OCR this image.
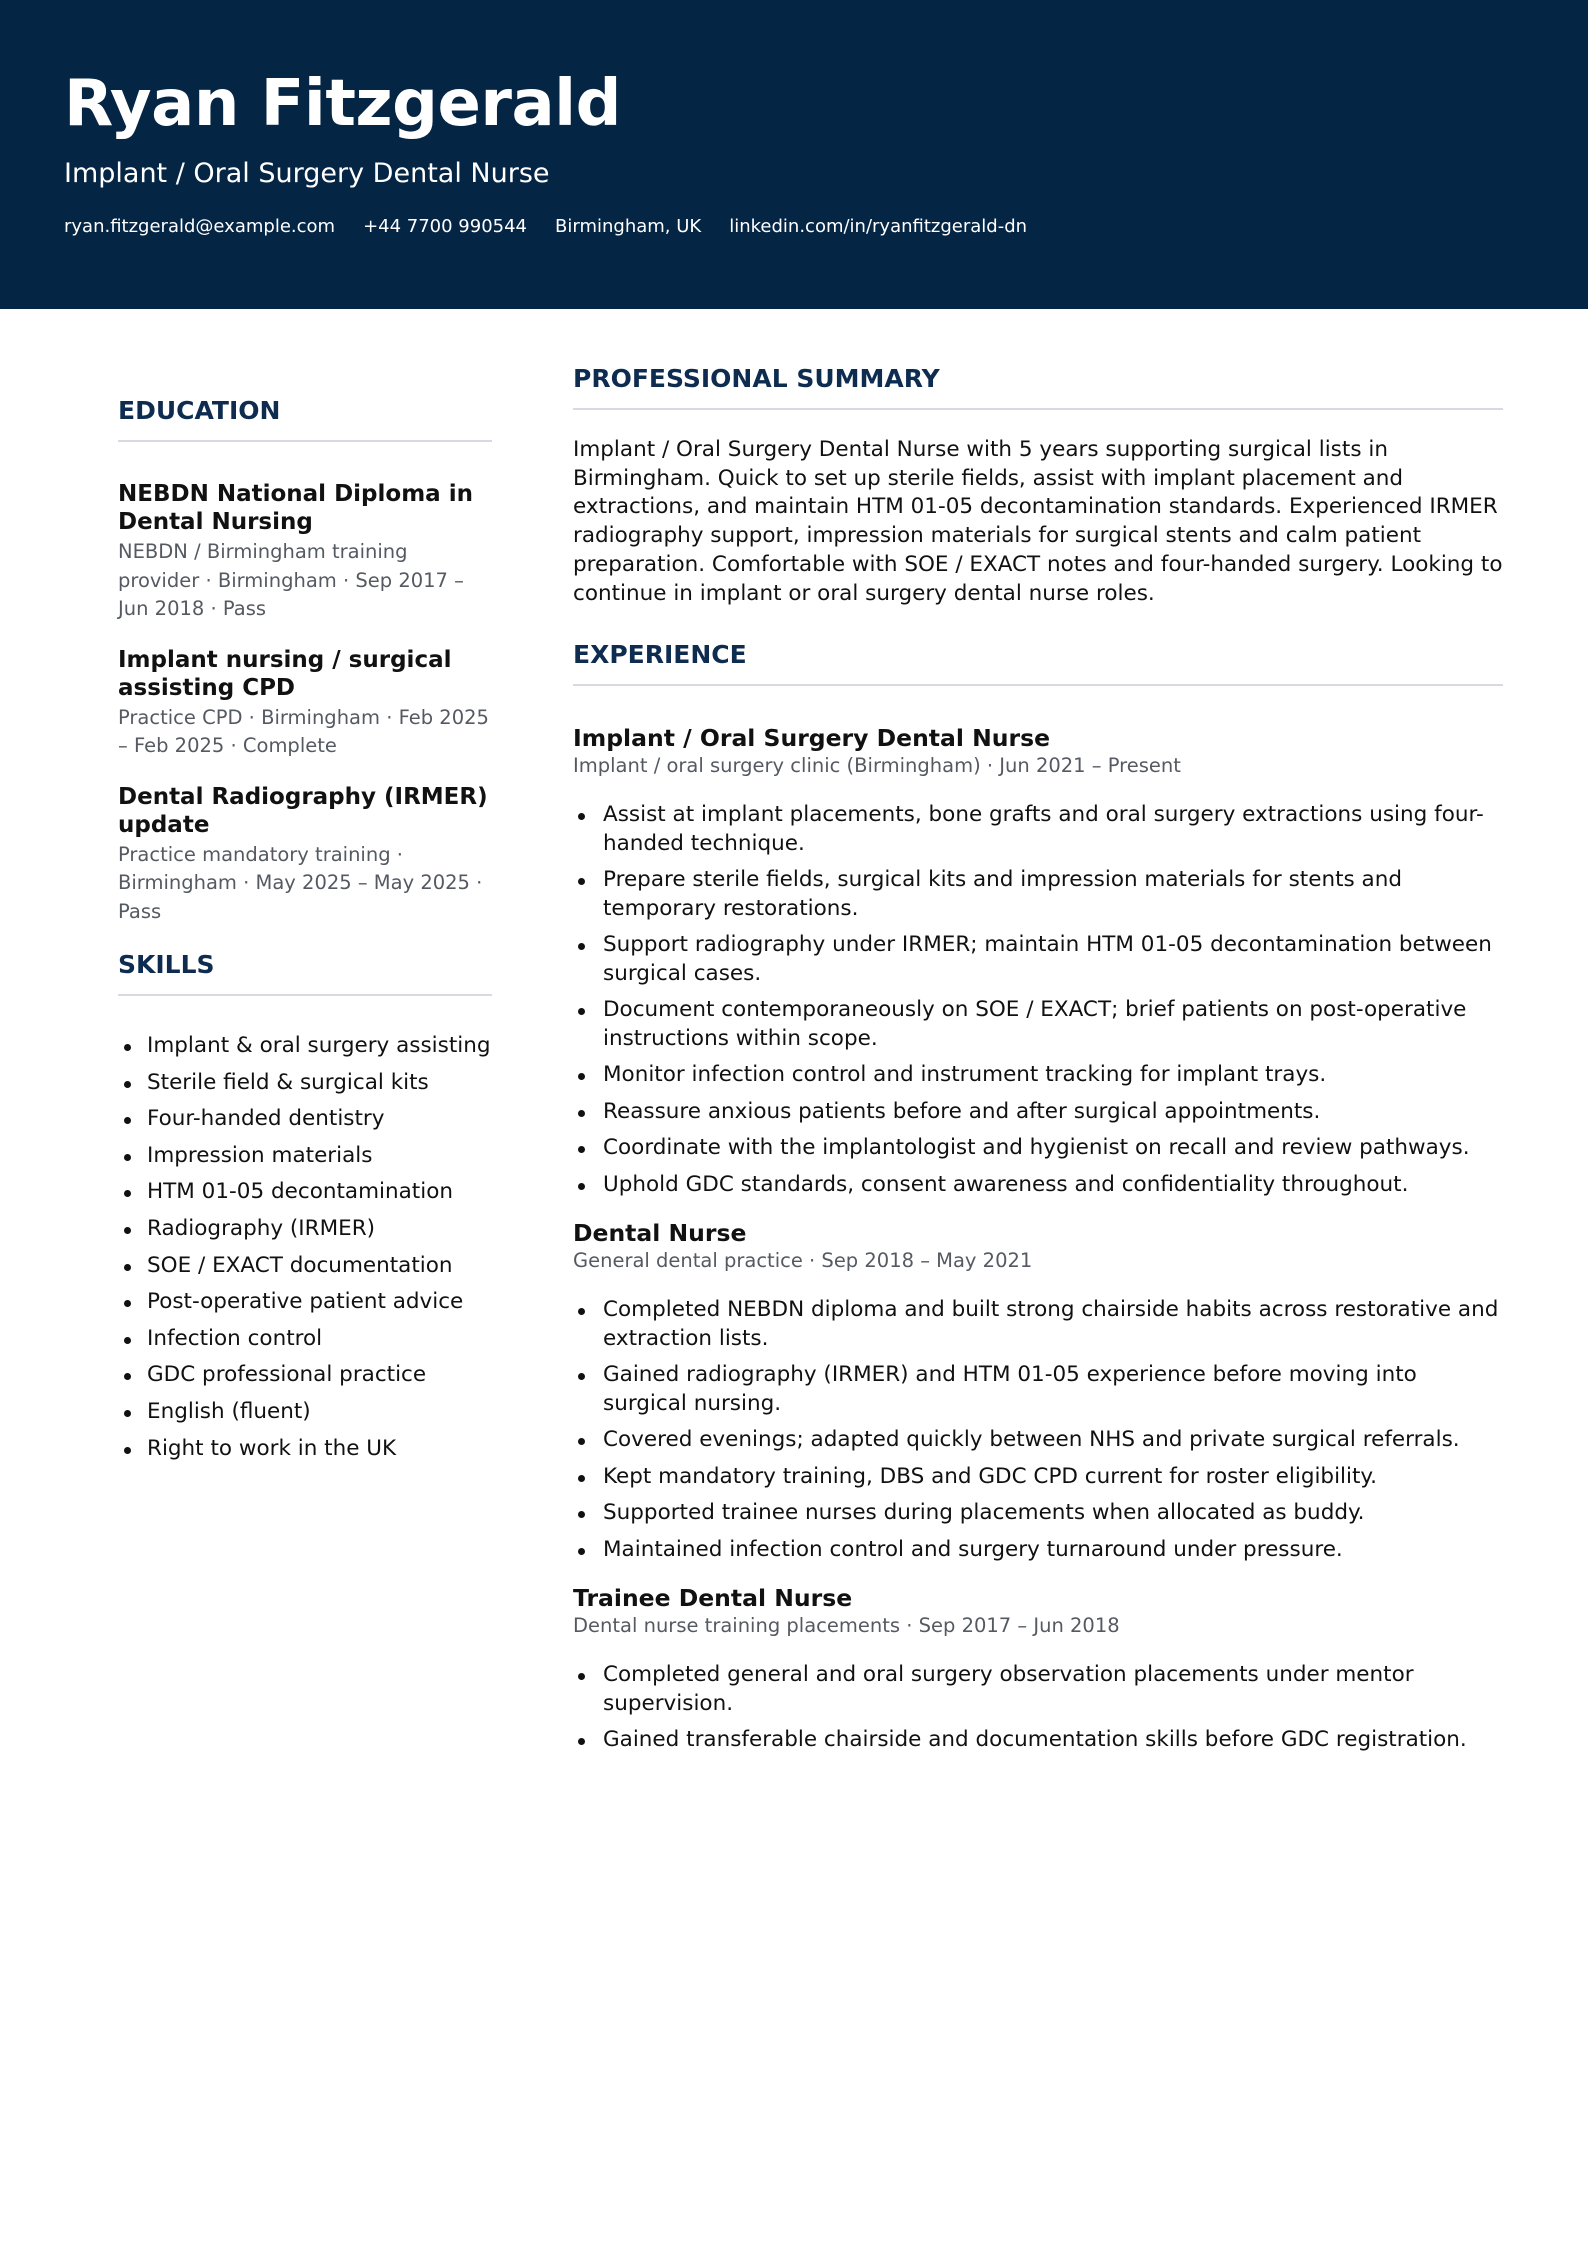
Ryan Fitzgerald
Implant / Oral Surgery Dental Nurse
ryan.fitzgerald@example.com +44 7700 990544 Birmingham, UK linkedin.com/in/ryanfitzgerald-dn
EDUCATION
NEBDN National Diploma in Dental Nursing
NEBDN / Birmingham training provider · Birmingham · Sep 2017 – Jun 2018 · Pass
Implant nursing / surgical assisting CPD
Practice CPD · Birmingham · Feb 2025 – Feb 2025 · Complete
Dental Radiography (IRMER) update
Practice mandatory training · Birmingham · May 2025 – May 2025 · Pass
SKILLS
Implant & oral surgery assisting
Sterile field & surgical kits
Four-handed dentistry
Impression materials
HTM 01-05 decontamination
Radiography (IRMER)
SOE / EXACT documentation
Post-operative patient advice
Infection control
GDC professional practice
English (fluent)
Right to work in the UK
PROFESSIONAL SUMMARY

Implant / Oral Surgery Dental Nurse with 5 years supporting surgical lists in Birmingham. Quick to set up sterile fields, assist with implant placement and extractions, and maintain HTM 01-05 decontamination standards. Experienced IRMER radiography support, impression materials for surgical stents and calm patient preparation. Comfortable with SOE / EXACT notes and four-handed surgery. Looking to continue in implant or oral surgery dental nurse roles.

EXPERIENCE
Implant / Oral Surgery Dental Nurse
Implant / oral surgery clinic (Birmingham) · Jun 2021 – Present
Assist at implant placements, bone grafts and oral surgery extractions using four-handed technique.
Prepare sterile fields, surgical kits and impression materials for stents and temporary restorations.
Support radiography under IRMER; maintain HTM 01-05 decontamination between surgical cases.
Document contemporaneously on SOE / EXACT; brief patients on post-operative instructions within scope.
Monitor infection control and instrument tracking for implant trays.
Reassure anxious patients before and after surgical appointments.
Coordinate with the implantologist and hygienist on recall and review pathways.
Uphold GDC standards, consent awareness and confidentiality throughout.
Dental Nurse
General dental practice · Sep 2018 – May 2021
Completed NEBDN diploma and built strong chairside habits across restorative and extraction lists.
Gained radiography (IRMER) and HTM 01-05 experience before moving into surgical nursing.
Covered evenings; adapted quickly between NHS and private surgical referrals.
Kept mandatory training, DBS and GDC CPD current for roster eligibility.
Supported trainee nurses during placements when allocated as buddy.
Maintained infection control and surgery turnaround under pressure.
Trainee Dental Nurse
Dental nurse training placements · Sep 2017 – Jun 2018
Completed general and oral surgery observation placements under mentor supervision.
Gained transferable chairside and documentation skills before GDC registration.
